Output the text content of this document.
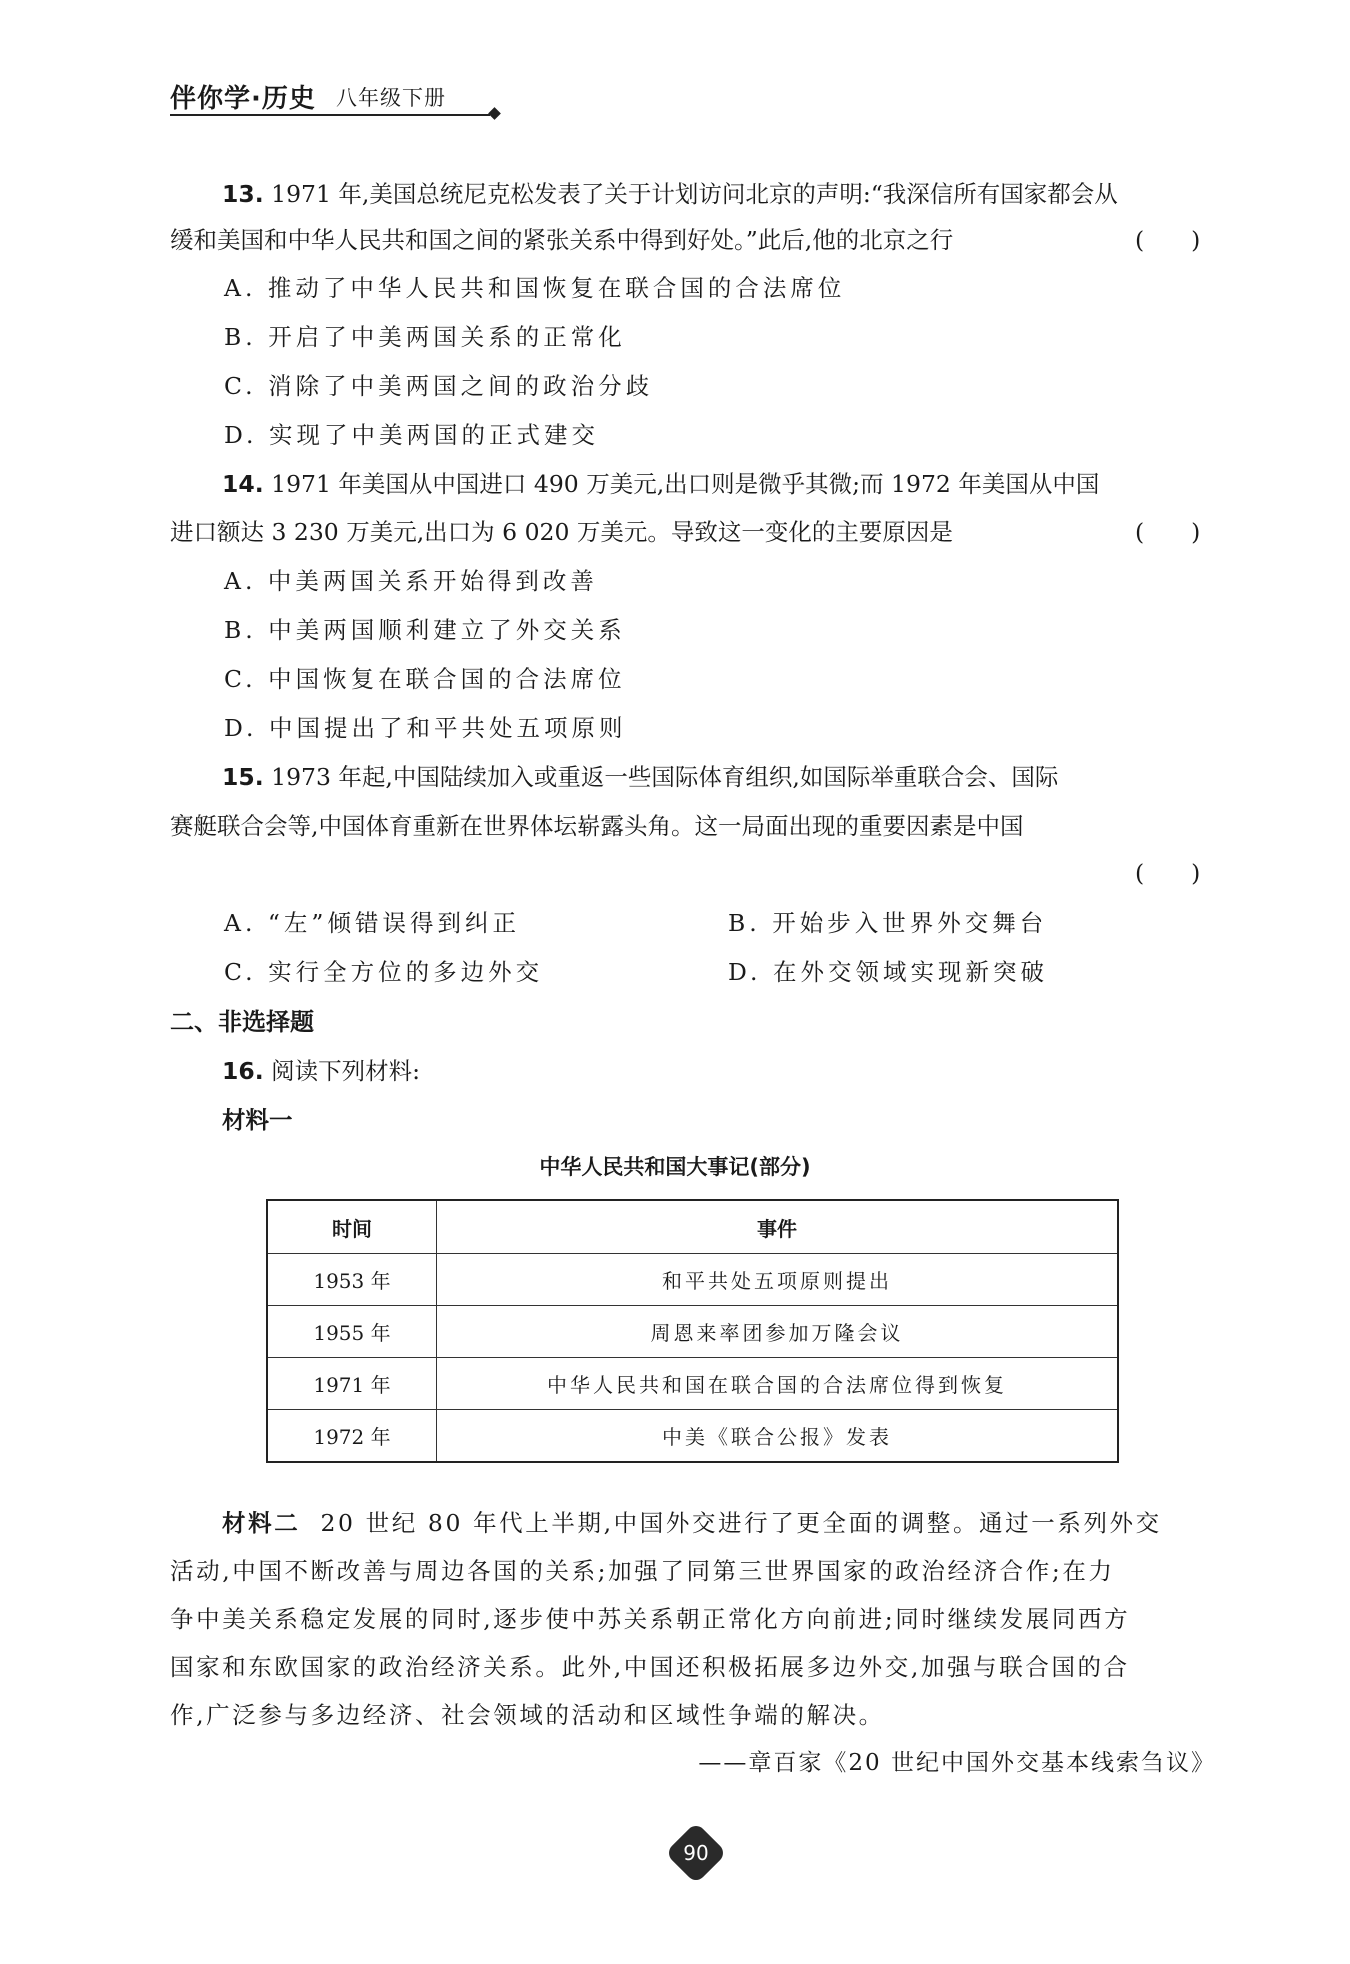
伴你学·历史 八年级下册
13. 1971 年,美国总统尼克松发表了关于计划访问北京的声明:“我深信所有国家都会从
缓和美国和中华人民共和国之间的紧张关系中得到好处。”此后,他的北京之行	(　　)
A. 推动了中华人民共和国恢复在联合国的合法席位
B. 开启了中美两国关系的正常化
C. 消除了中美两国之间的政治分歧
D. 实现了中美两国的正式建交
14. 1971 年美国从中国进口 490 万美元,出口则是微乎其微;而 1972 年美国从中国
进口额达 3 230 万美元,出口为 6 020 万美元。导致这一变化的主要原因是	(　　)
A. 中美两国关系开始得到改善
B. 中美两国顺利建立了外交关系
C. 中国恢复在联合国的合法席位
D. 中国提出了和平共处五项原则
15. 1973 年起,中国陆续加入或重返一些国际体育组织,如国际举重联合会、国际
赛艇联合会等,中国体育重新在世界体坛崭露头角。这一局面出现的重要因素是中国
(　　)
A. “左”倾错误得到纠正	B. 开始步入世界外交舞台
C. 实行全方位的多边外交	D. 在外交领域实现新突破
二、非选择题
16. 阅读下列材料:
材料一
中华人民共和国大事记(部分)
时间	事件
1953 年	和平共处五项原则提出
1955 年	周恩来率团参加万隆会议
1971 年	中华人民共和国在联合国的合法席位得到恢复
1972 年	中美《联合公报》发表
材料二 20 世纪 80 年代上半期,中国外交进行了更全面的调整。通过一系列外交
活动,中国不断改善与周边各国的关系;加强了同第三世界国家的政治经济合作;在力
争中美关系稳定发展的同时,逐步使中苏关系朝正常化方向前进;同时继续发展同西方
国家和东欧国家的政治经济关系。此外,中国还积极拓展多边外交,加强与联合国的合
作,广泛参与多边经济、社会领域的活动和区域性争端的解决。
——章百家《20 世纪中国外交基本线索刍议》
90
